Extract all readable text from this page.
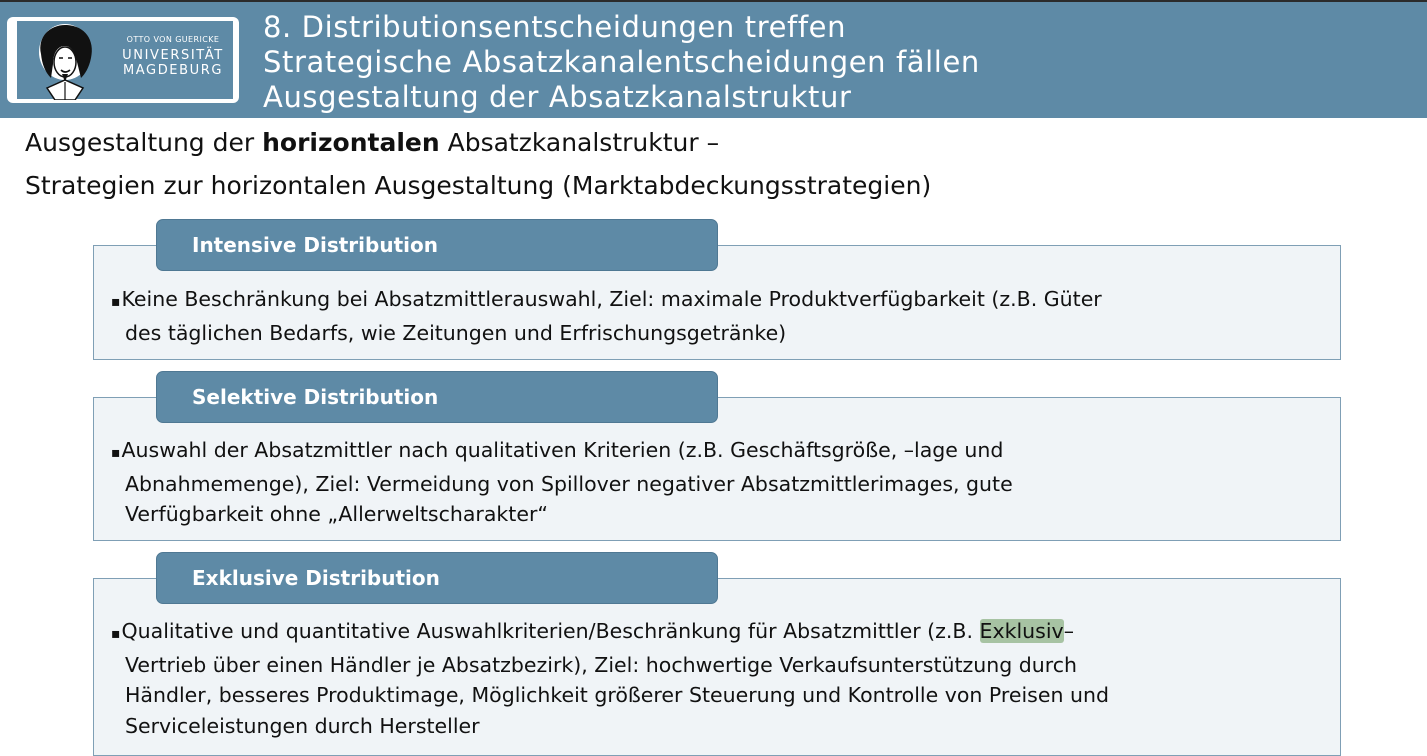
OTTO VON GUERICKE
UNIVERSITÄT
MAGDEBURG
8. Distributionsentscheidungen treffen
Strategische Absatzkanalentscheidungen fällen
Ausgestaltung der Absatzkanalstruktur
Ausgestaltung der horizontalen Absatzkanalstruktur –
Strategien zur horizontalen Ausgestaltung (Marktabdeckungsstrategien)
Intensive Distribution
▪ Keine Beschränkung bei Absatzmittlerauswahl, Ziel: maximale Produktverfügbarkeit (z.B. Güter
des täglichen Bedarfs, wie Zeitungen und Erfrischungsgetränke)
Selektive Distribution
▪ Auswahl der Absatzmittler nach qualitativen Kriterien (z.B. Geschäftsgröße, –lage und
Abnahmemenge), Ziel: Vermeidung von Spillover negativer Absatzmittlerimages, gute
Verfügbarkeit ohne „Allerweltscharakter“
Exklusive Distribution
▪ Qualitative und quantitative Auswahlkriterien/Beschränkung für Absatzmittler (z.B. Exklusiv–
Vertrieb über einen Händler je Absatzbezirk), Ziel: hochwertige Verkaufsunterstützung durch
Händler, besseres Produktimage, Möglichkeit größerer Steuerung und Kontrolle von Preisen und
Serviceleistungen durch Hersteller
